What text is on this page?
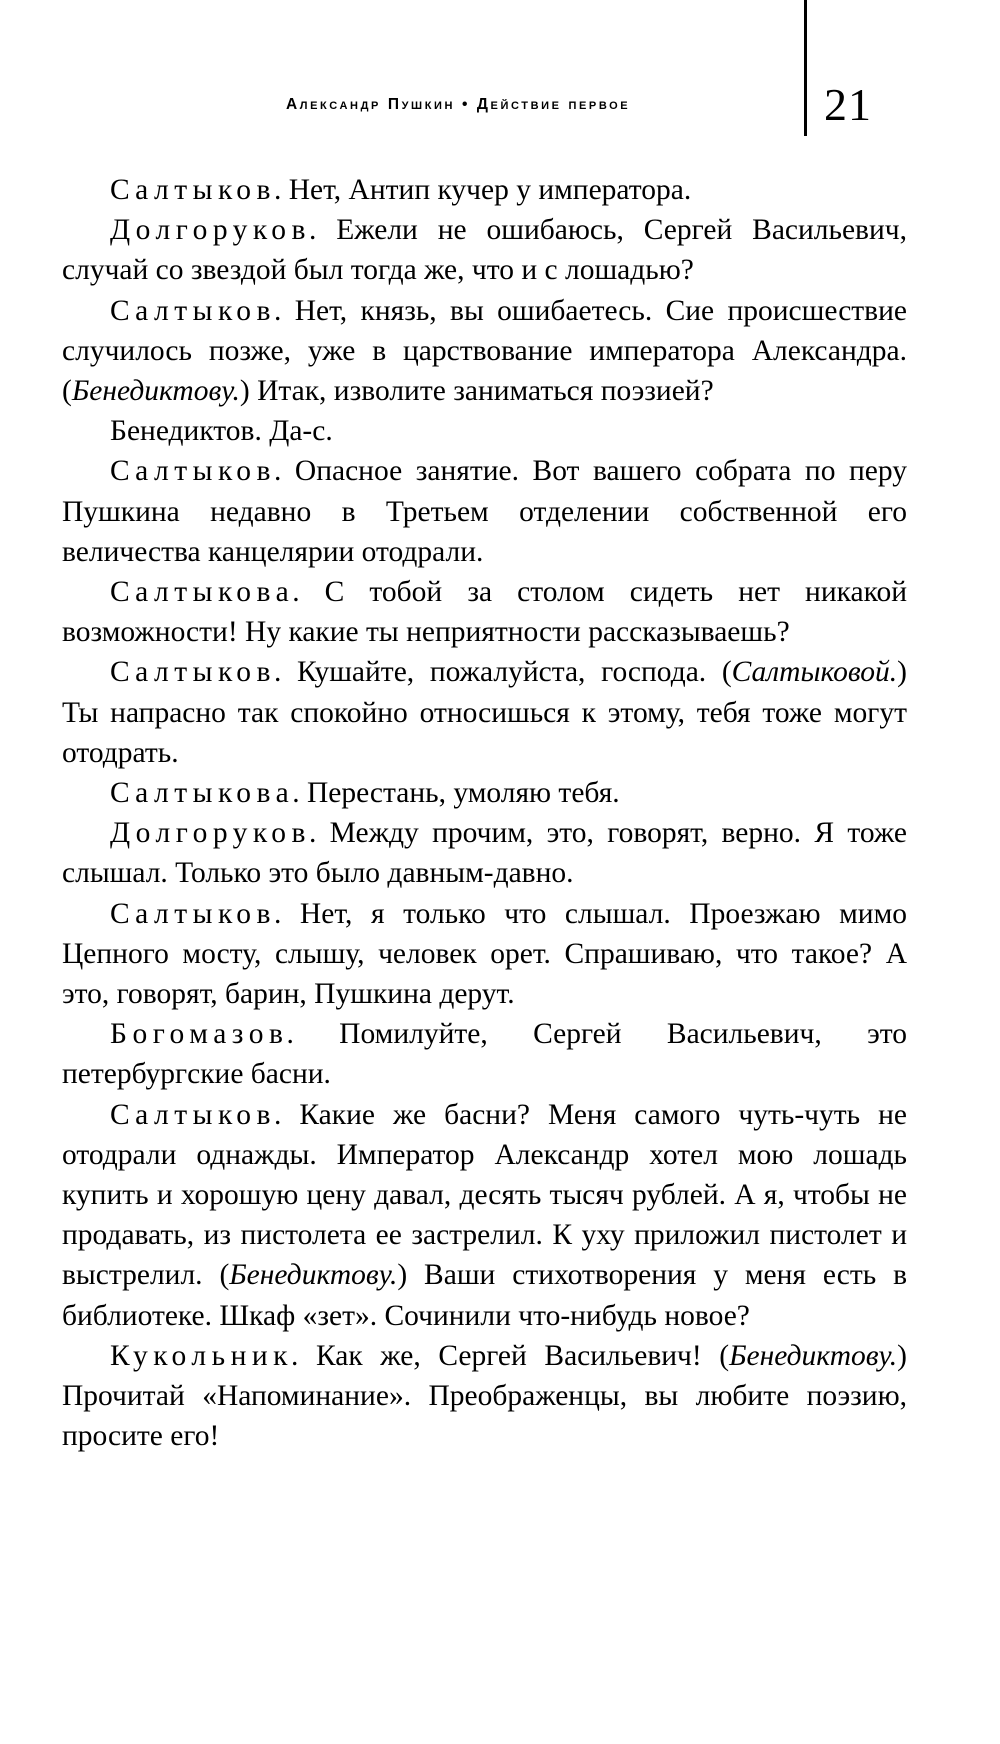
Александр Пушкин • Действие первое	21

Салтыков. Нет, Антип кучер у императора.

Долгоруков. Ежели не ошибаюсь, Сергей Васильевич, случай со звездой был тогда же, что и с лошадью?

Салтыков. Нет, князь, вы ошибаетесь. Сие происшествие случилось позже, уже в царствование императора Александра. (Бенедиктову.) Итак, изволите заниматься поэзией?

Бенедиктов. Да-с.

Салтыков. Опасное занятие. Вот вашего собрата по перу Пушкина недавно в Третьем отделении собственной его величества канцелярии отодрали.

Салтыкова. С тобой за столом сидеть нет никакой возможности! Ну какие ты неприятности рассказываешь?

Салтыков. Кушайте, пожалуйста, господа. (Салтыковой.) Ты напрасно так спокойно относишься к этому, тебя тоже могут отодрать.

Салтыкова. Перестань, умоляю тебя.

Долгоруков. Между прочим, это, говорят, верно. Я тоже слышал. Только это было давным-давно.

Салтыков. Нет, я только что слышал. Проезжаю мимо Цепного мосту, слышу, человек орет. Спрашиваю, что такое? А это, говорят, барин, Пушкина дерут.

Богомазов. Помилуйте, Сергей Васильевич, это петербургские басни.

Салтыков. Какие же басни? Меня самого чуть-чуть не отодрали однажды. Император Александр хотел мою лошадь купить и хорошую цену давал, десять тысяч рублей. А я, чтобы не продавать, из пистолета ее застрелил. К уху приложил пистолет и выстрелил. (Бенедиктову.) Ваши стихотворения у меня есть в библиотеке. Шкаф «зет». Сочинили что-нибудь новое?

Кукольник. Как же, Сергей Васильевич! (Бенедиктову.) Прочитай «Напоминание». Преображенцы, вы любите поэзию, просите его!
